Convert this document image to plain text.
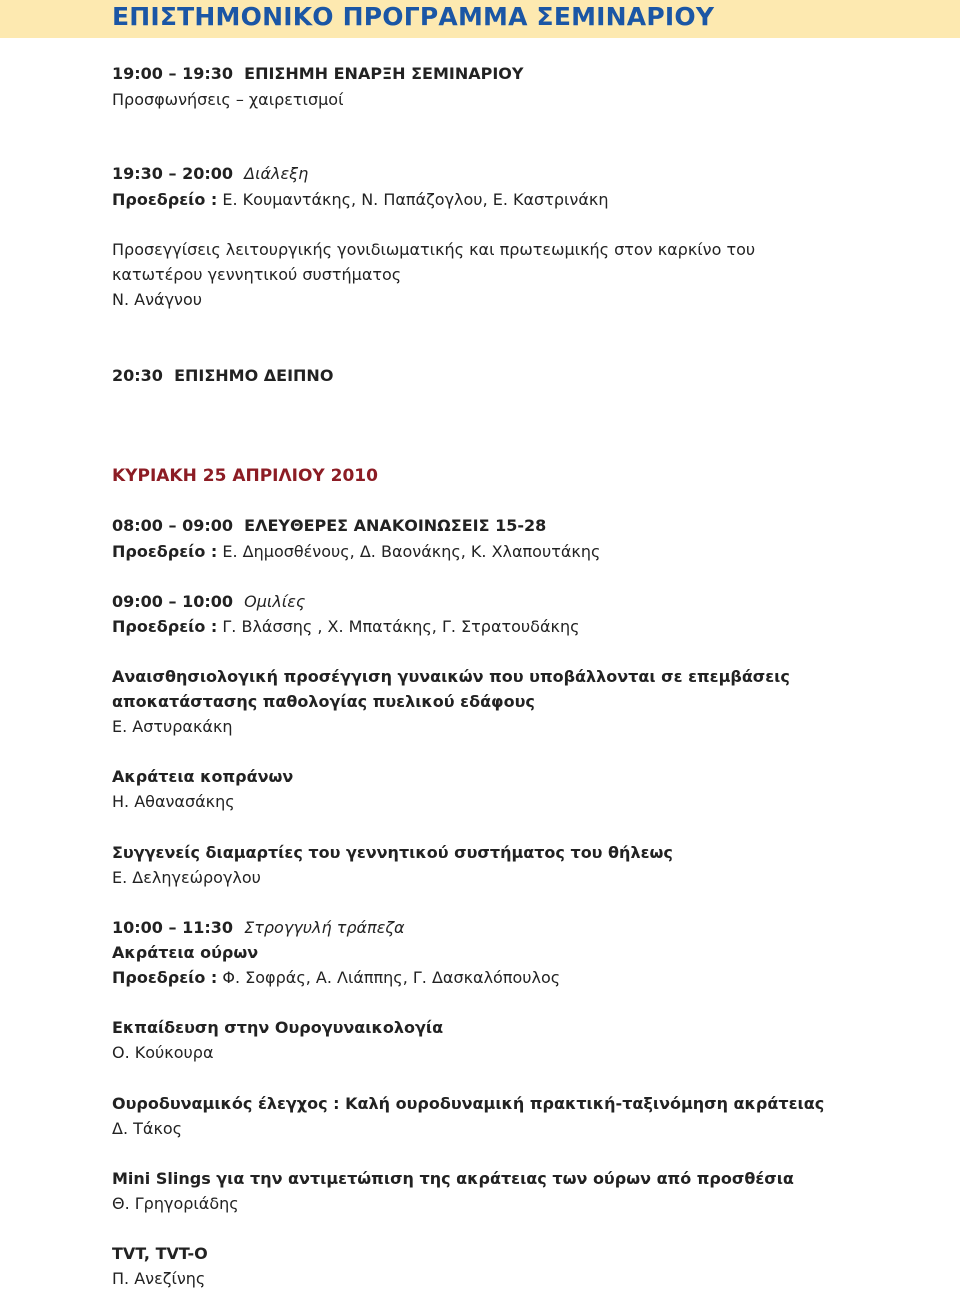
ΕΠΙΣΤΗΜΟΝΙΚΟ ΠΡΟΓΡΑΜΜΑ ΣΕΜΙΝΑΡΙΟΥ
19:00 – 19:30 ΕΠΙΣΗΜΗ ΕΝΑΡΞΗ ΣΕΜΙΝΑΡΙΟΥ
Προσφωνήσεις – χαιρετισμοί
19:30 – 20:00 Διάλεξη
Προεδρείο : Ε. Κουμαντάκης, Ν. Παπάζογλου, Ε. Καστρινάκη
Προσεγγίσεις λειτουργικής γονιδιωματικής και πρωτεωμικής στον καρκίνο του
κατωτέρου γεννητικού συστήματος
Ν. Ανάγνου
20:30 ΕΠΙΣΗΜΟ ΔΕΙΠΝΟ
ΚΥΡΙΑΚΗ 25 ΑΠΡΙΛΙΟΥ 2010
08:00 – 09:00 ΕΛΕΥΘΕΡΕΣ ΑΝΑΚΟΙΝΩΣΕΙΣ 15-28
Προεδρείο : Ε. Δημοσθένους, Δ. Βαονάκης, Κ. Χλαπουτάκης
09:00 – 10:00 Ομιλίες
Προεδρείο : Γ. Βλάσσης , Χ. Μπατάκης, Γ. Στρατουδάκης
Αναισθησιολογική προσέγγιση γυναικών που υποβάλλονται σε επεμβάσεις
αποκατάστασης παθολογίας πυελικού εδάφους
Ε. Αστυρακάκη
Ακράτεια κοπράνων
Η. Αθανασάκης
Συγγενείς διαμαρτίες του γεννητικού συστήματος του θήλεως
Ε. Δεληγεώρογλου
10:00 – 11:30 Στρογγυλή τράπεζα
Ακράτεια ούρων
Προεδρείο : Φ. Σοφράς, Α. Λιάππης, Γ. Δασκαλόπουλος
Εκπαίδευση στην Ουρογυναικολογία
Ο. Κούκουρα
Ουροδυναμικός έλεγχος : Καλή ουροδυναμική πρακτική-ταξινόμηση ακράτειας
Δ. Τάκος
Mini Slings για την αντιμετώπιση της ακράτειας των ούρων από προσθέσια
Θ. Γρηγοριάδης
TVT, TVT-O
Π. Ανεζίνης
